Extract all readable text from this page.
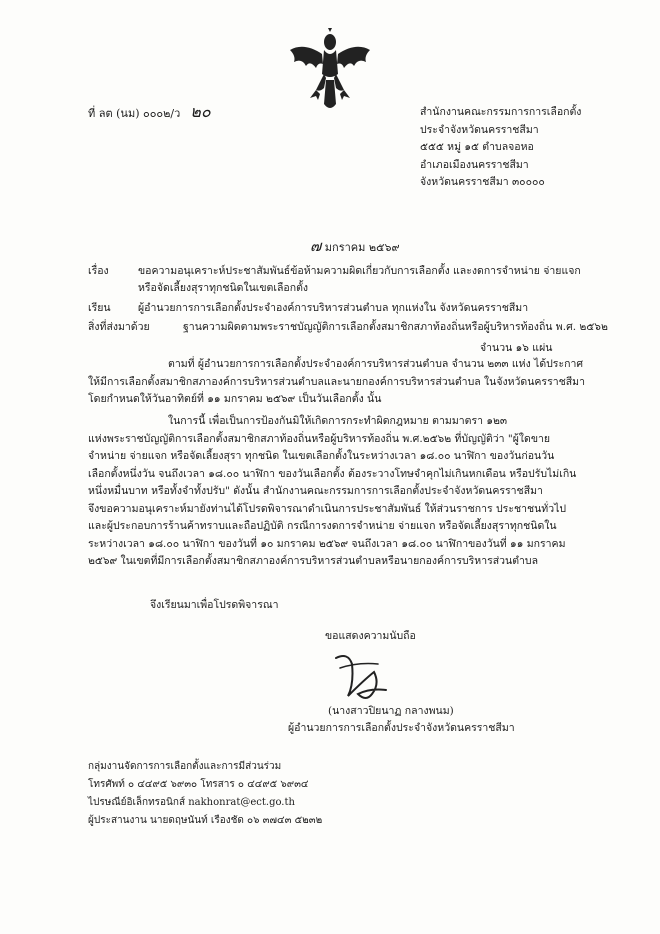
ที่ ลต (นม) ๐๐๐๒/ว ๒๐	สำนักงานคณะกรรมการการเลือกตั้ง
ประจำจังหวัดนครราชสีมา
๕๕๕ หมู่ ๑๕ ตำบลจอหอ
อำเภอเมืองนครราชสีมา
จังหวัดนครราชสีมา ๓๐๐๐๐
๗ มกราคม ๒๕๖๙
เรื่อง	ขอความอนุเคราะห์ประชาสัมพันธ์ข้อห้ามความผิดเกี่ยวกับการเลือกตั้ง และงดการจำหน่าย จ่ายแจก
หรือจัดเลี้ยงสุราทุกชนิดในเขตเลือกตั้ง
เรียน	ผู้อำนวยการการเลือกตั้งประจำองค์การบริหารส่วนตำบล ทุกแห่งใน จังหวัดนครราชสีมา
สิ่งที่ส่งมาด้วย	ฐานความผิดตามพระราชบัญญัติการเลือกตั้งสมาชิกสภาท้องถิ่นหรือผู้บริหารท้องถิ่น พ.ศ. ๒๕๖๒
จำนวน ๑๖ แผ่น
ตามที่ ผู้อำนวยการการเลือกตั้งประจำองค์การบริหารส่วนตำบล จำนวน ๒๓๓ แห่ง ได้ประกาศ
ให้มีการเลือกตั้งสมาชิกสภาองค์การบริหารส่วนตำบลและนายกองค์การบริหารส่วนตำบล ในจังหวัดนครราชสีมา
โดยกำหนดให้วันอาทิตย์ที่ ๑๑ มกราคม ๒๕๖๙ เป็นวันเลือกตั้ง นั้น
ในการนี้ เพื่อเป็นการป้องกันมิให้เกิดการกระทำผิดกฎหมาย ตามมาตรา ๑๒๓
แห่งพระราชบัญญัติการเลือกตั้งสมาชิกสภาท้องถิ่นหรือผู้บริหารท้องถิ่น พ.ศ.๒๕๖๒ ที่บัญญัติว่า "ผู้ใดขาย
จำหน่าย จ่ายแจก หรือจัดเลี้ยงสุรา ทุกชนิด ในเขตเลือกตั้งในระหว่างเวลา ๑๘.๐๐ นาฬิกา ของวันก่อนวัน
เลือกตั้งหนึ่งวัน จนถึงเวลา ๑๘.๐๐ นาฬิกา ของวันเลือกตั้ง ต้องระวางโทษจำคุกไม่เกินหกเดือน หรือปรับไม่เกิน
หนึ่งหมื่นบาท หรือทั้งจำทั้งปรับ" ดังนั้น สำนักงานคณะกรรมการการเลือกตั้งประจำจังหวัดนครราชสีมา
จึงขอความอนุเคราะห์มายังท่านได้โปรดพิจารณาดำเนินการประชาสัมพันธ์ ให้ส่วนราชการ ประชาชนทั่วไป
และผู้ประกอบการร้านค้าทราบและถือปฏิบัติ กรณีการงดการจำหน่าย จ่ายแจก หรือจัดเลี้ยงสุราทุกชนิดใน
ระหว่างเวลา ๑๘.๐๐ นาฬิกา ของวันที่ ๑๐ มกราคม ๒๕๖๙ จนถึงเวลา ๑๘.๐๐ นาฬิกาของวันที่ ๑๑ มกราคม
๒๕๖๙ ในเขตที่มีการเลือกตั้งสมาชิกสภาองค์การบริหารส่วนตำบลหรือนายกองค์การบริหารส่วนตำบล
จึงเรียนมาเพื่อโปรดพิจารณา
ขอแสดงความนับถือ
(นางสาวปิยนาฏ กลางพนม)
ผู้อำนวยการการเลือกตั้งประจำจังหวัดนครราชสีมา
กลุ่มงานจัดการการเลือกตั้งและการมีส่วนร่วม
โทรศัพท์ ๐ ๔๔๙๕ ๖๙๓๐ โทรสาร ๐ ๔๔๙๕ ๖๙๓๔
ไปรษณีย์อิเล็กทรอนิกส์ nakhonrat@ect.go.th
ผู้ประสานงาน นายดฤษนันท์ เรืองชัด ๐๖ ๓๗๔๓ ๕๒๓๒
